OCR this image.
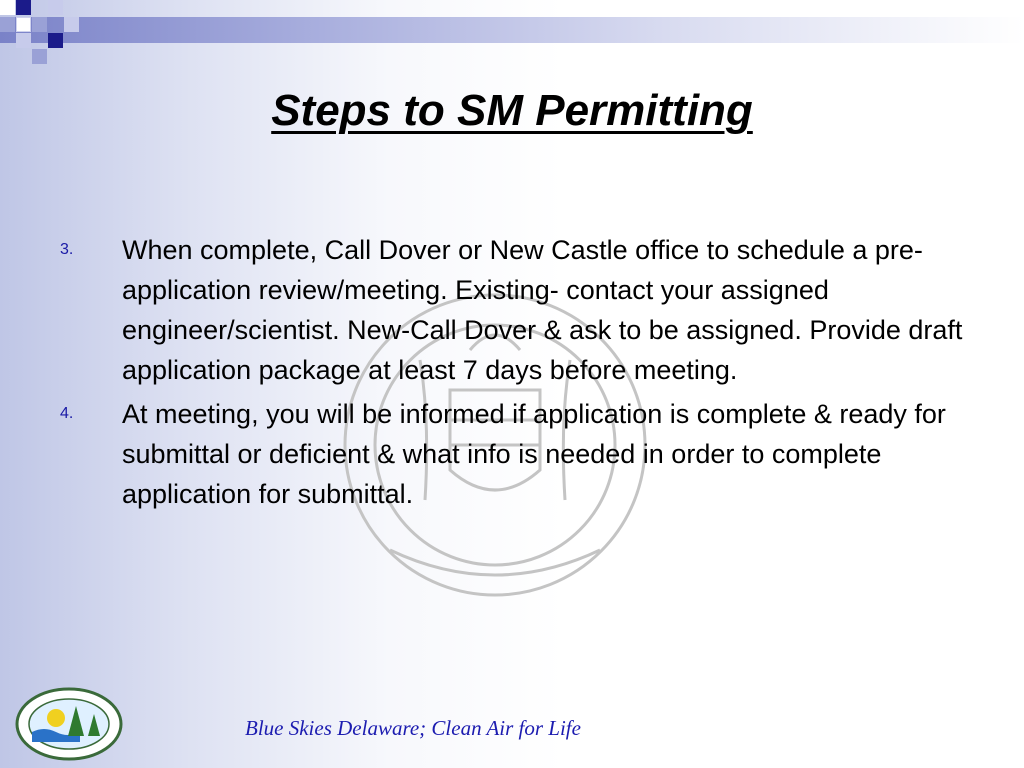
Steps to SM Permitting
3. When complete, Call Dover or New Castle office to schedule a pre-application review/meeting. Existing- contact your assigned engineer/scientist. New-Call Dover & ask to be assigned. Provide draft application package at least 7 days before meeting.
4. At meeting, you will be informed if application is complete & ready for submittal or deficient & what info is needed in order to complete application for submittal.
Blue Skies Delaware; Clean Air for Life
